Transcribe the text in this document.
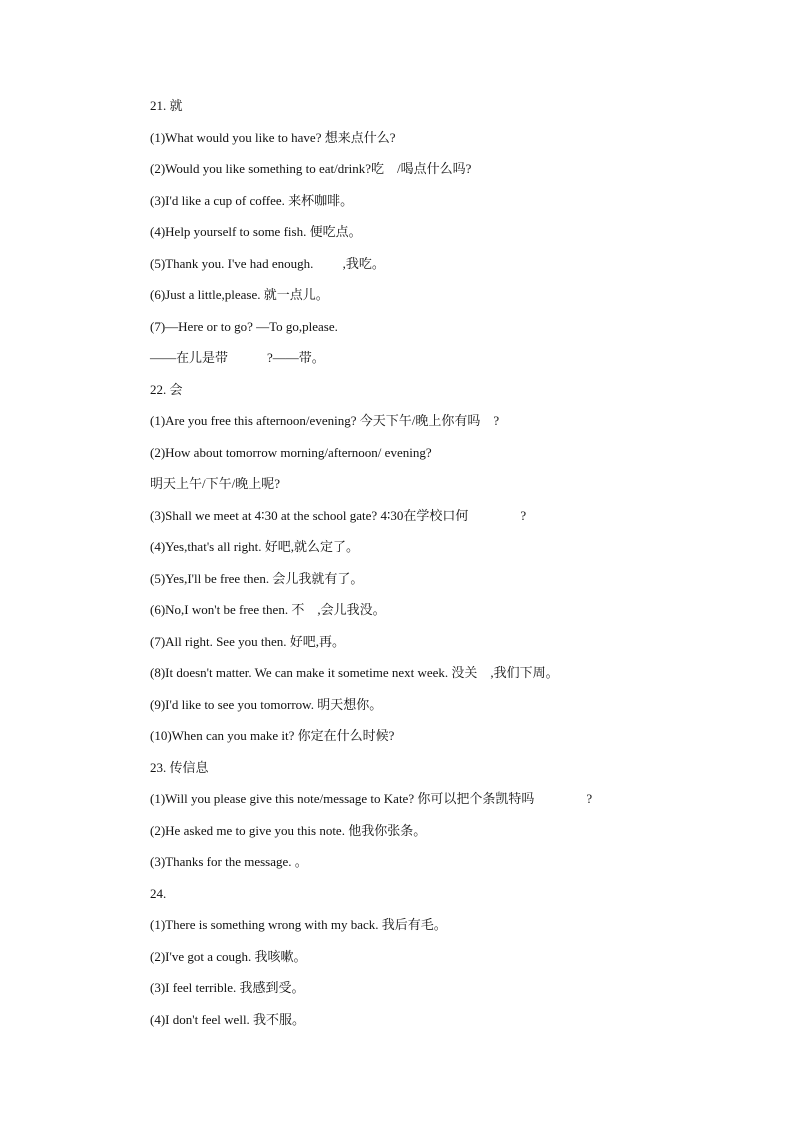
21. 就
(1)What would you like to have? 想来点什么?
(2)Would you like something to eat/drink?吃　/喝点什么吗?
(3)I'd like a cup of coffee. 来杯咖啡。
(4)Help yourself to some fish. 便吃点。
(5)Thank you. I've had enough.　　 ,我吃。
(6)Just a little,please. 就一点儿。
(7)—Here or to go? —To go,please.
——在儿是带　　　?——带。
22. 会
(1)Are you free this afternoon/evening? 今天下午/晚上你有吗　?
(2)How about tomorrow morning/afternoon/ evening?
明天上午/下午/晚上呢?
(3)Shall we meet at 4∶30 at the school gate? 4∶30在学校口何　　　　?
(4)Yes,that's all right. 好吧,就么定了。
(5)Yes,I'll be free then. 会儿我就有了。
(6)No,I won't be free then. 不　,会儿我没。
(7)All right. See you then. 好吧,再。
(8)It doesn't matter. We can make it sometime next week. 没关　,我们下周。
(9)I'd like to see you tomorrow. 明天想你。
(10)When can you make it? 你定在什么时候?
23. 传信息
(1)Will you please give this note/message to Kate? 你可以把个条凯特吗　　　　?
(2)He asked me to give you this note. 他我你张条。
(3)Thanks for the message. 。
24.
(1)There is something wrong with my back. 我后有毛。
(2)I've got a cough. 我咳嗽。
(3)I feel terrible. 我感到受。
(4)I don't feel well. 我不服。
